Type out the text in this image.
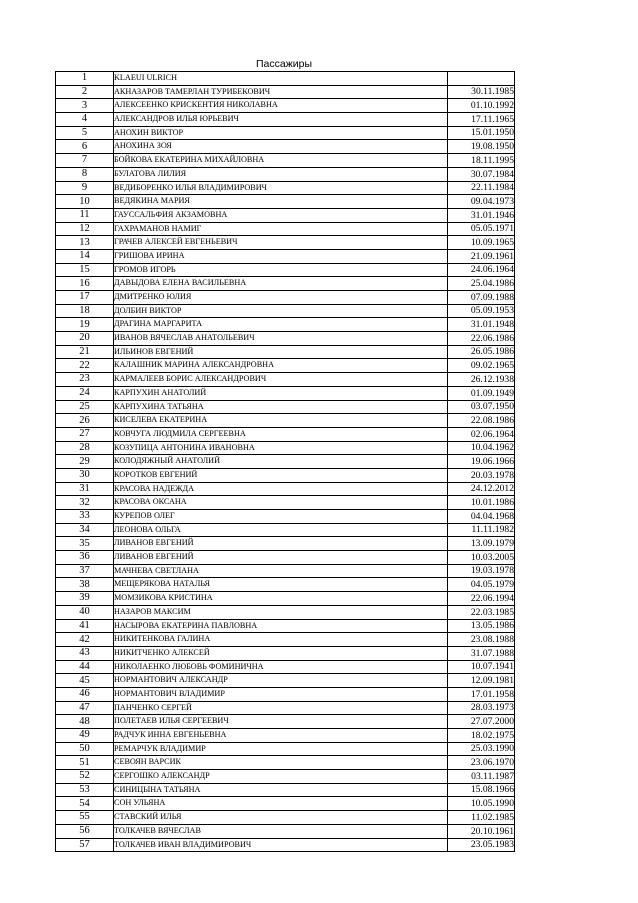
Пассажиры
1	KLAEUI ULRICH	
2	АКНАЗАРОВ ТАМЕРЛАН ТУРИБЕКОВИЧ	30.11.1985
3	АЛЕКСЕЕНКО КРИСКЕНТИЯ НИКОЛАВНА	01.10.1992
4	АЛЕКСАНДРОВ ИЛЬЯ ЮРЬЕВИЧ	17.11.1965
5	АНОХИН ВИКТОР	15.01.1950
6	АНОХИНА ЗОЯ	19.08.1950
7	БОЙКОВА ЕКАТЕРИНА МИХАЙЛОВНА	18.11.1995
8	БУЛАТОВА ЛИЛИЯ	30.07.1984
9	ВЕДИБОРЕНКО ИЛЬЯ ВЛАДИМИРОВИЧ	22.11.1984
10	ВЕДЯКИНА МАРИЯ	09.04.1973
11	ГАУССАЛЬФИЯ АКЗАМОВНА	31.01.1946
12	ГАХРАМАНОВ НАМИГ	05.05.1971
13	ГРАЧЕВ АЛЕКСЕЙ ЕВГЕНЬЕВИЧ	10.09.1965
14	ГРИШОВА ИРИНА	21.09.1961
15	ГРОМОВ ИГОРЬ	24.06.1964
16	ДАВЫДОВА ЕЛЕНА ВАСИЛЬЕВНА	25.04.1986
17	ДМИТРЕНКО ЮЛИЯ	07.09.1988
18	ДОЛБИН ВИКТОР	05.09.1953
19	ДРАГИНА МАРГАРИТА	31.01.1948
20	ИВАНОВ ВЯЧЕСЛАВ АНАТОЛЬЕВИЧ	22.06.1986
21	ИЛЬИНОВ ЕВГЕНИЙ	26.05.1986
22	КАЛАШНИК МАРИНА АЛЕКСАНДРОВНА	09.02.1965
23	КАРМАЛЕЕВ БОРИС АЛЕКСАНДРОВИЧ	26.12.1938
24	КАРПУХИН АНАТОЛИЙ	01.09.1949
25	КАРПУХИНА ТАТЬЯНА	03.07.1950
26	КИСЕЛЕВА ЕКАТЕРИНА	22.08.1986
27	КОВЧУГА ЛЮДМИЛА СЕРГЕЕВНА	02.06.1964
28	КОЗУПИЦА АНТОНИНА ИВАНОВНА	10.04.1962
29	КОЛОДЯЖНЫЙ АНАТОЛИЙ	19.06.1966
30	КОРОТКОВ ЕВГЕНИЙ	20.03.1978
31	КРАСОВА НАДЕЖДА	24.12.2012
32	КРАСОВА ОКСАНА	10.01.1986
33	КУРЕПОВ ОЛЕГ	04.04.1968
34	ЛЕОНОВА ОЛЬГА	11.11.1982
35	ЛИВАНОВ ЕВГЕНИЙ	13.09.1979
36	ЛИВАНОВ ЕВГЕНИЙ	10.03.2005
37	МАЧНЕВА СВЕТЛАНА	19.03.1978
38	МЕЩЕРЯКОВА НАТАЛЬЯ	04.05.1979
39	МОМЗИКОВА КРИСТИНА	22.06.1994
40	НАЗАРОВ МАКСИМ	22.03.1985
41	НАСЫРОВА ЕКАТЕРИНА ПАВЛОВНА	13.05.1986
42	НИКИТЕНКОВА ГАЛИНА	23.08.1988
43	НИКИТЧЕНКО АЛЕКСЕЙ	31.07.1988
44	НИКОЛАЕНКО ЛЮБОВЬ ФОМИНИЧНА	10.07.1941
45	НОРМАНТОВИЧ АЛЕКСАНДР	12.09.1981
46	НОРМАНТОВИЧ ВЛАДИМИР	17.01.1958
47	ПАНЧЕНКО СЕРГЕЙ	28.03.1973
48	ПОЛЕТАЕВ ИЛЬЯ СЕРГЕЕВИЧ	27.07.2000
49	РАДЧУК ИННА ЕВГЕНЬЕВНА	18.02.1975
50	РЕМАРЧУК ВЛАДИМИР	25.03.1990
51	СЕВОЯН ВАРСИК	23.06.1970
52	СЕРГОШКО АЛЕКСАНДР	03.11.1987
53	СИНИЦЫНА ТАТЬЯНА	15.08.1966
54	СОН УЛЬЯНА	10.05.1990
55	СТАВСКИЙ ИЛЬЯ	11.02.1985
56	ТОЛКАЧЕВ ВЯЧЕСЛАВ	20.10.1961
57	ТОЛКАЧЕВ ИВАН ВЛАДИМИРОВИЧ	23.05.1983
